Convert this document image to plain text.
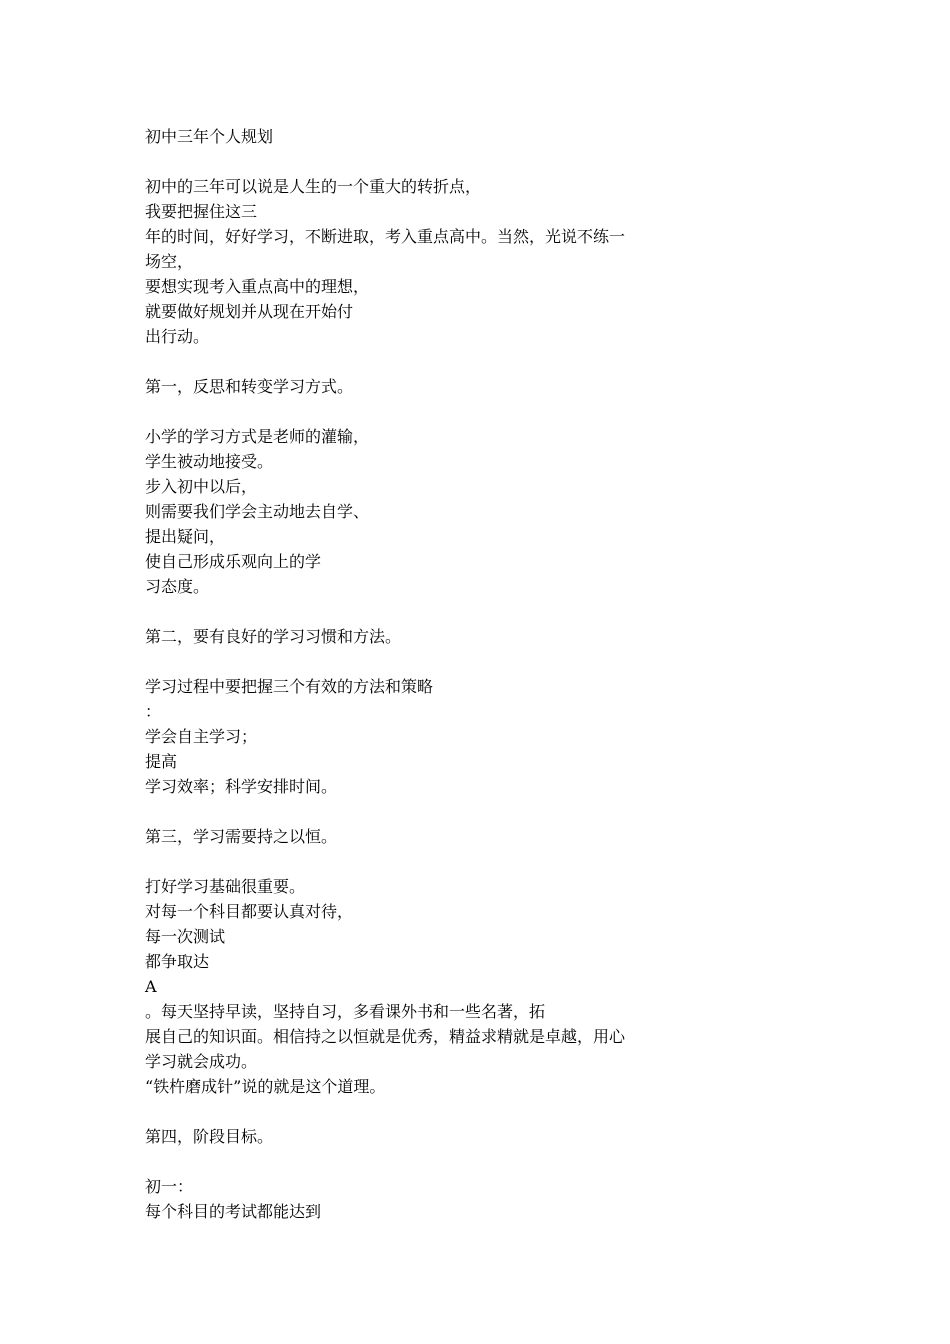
初中三年个人规划
初中的三年可以说是人生的一个重大的转折点，
我要把握住这三
年的时间，好好学习，不断进取，考入重点高中。当然，光说不练一
场空，
要想实现考入重点高中的理想，
就要做好规划并从现在开始付
出行动。
第一，反思和转变学习方式。
小学的学习方式是老师的灌输，
学生被动地接受。
步入初中以后，
则需要我们学会主动地去自学、
提出疑问，
使自己形成乐观向上的学
习态度。
第二，要有良好的学习习惯和方法。
学习过程中要把握三个有效的方法和策略
：
学会自主学习；
提高
学习效率；科学安排时间。
第三，学习需要持之以恒。
打好学习基础很重要。
对每一个科目都要认真对待，
每一次测试
都争取达
A
。每天坚持早读，坚持自习，多看课外书和一些名著，拓
展自己的知识面。相信持之以恒就是优秀，精益求精就是卓越，用心
学习就会成功。
“铁杵磨成针”说的就是这个道理。
第四，阶段目标。
初一：
每个科目的考试都能达到
